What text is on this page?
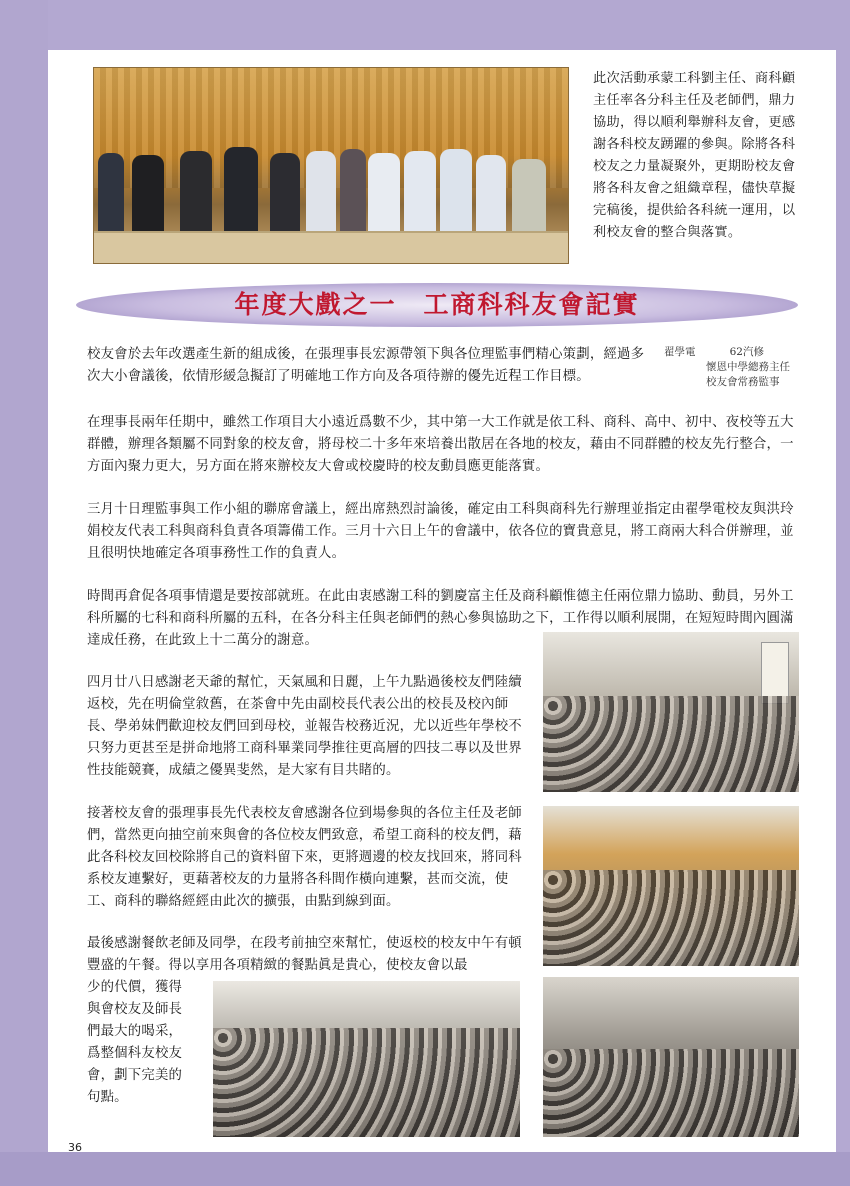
此次活動承蒙工科劉主任、商科顧主任率各分科主任及老師們，鼎力協助，得以順利舉辦科友會，更感謝各科校友踴躍的參與。除將各科校友之力量凝聚外，更期盼校友會將各科友會之組織章程，儘快草擬完稿後，提供給各科統一運用，以利校友會的整合與落實。
年度大戲之一　工商科科友會記實
翟學電	62汽修
懷恩中學總務主任
校友會常務監事
校友會於去年改選產生新的組成後，在張理事長宏源帶領下與各位理監事們精心策劃，經過多次大小會議後，依情形緩急擬訂了明確地工作方向及各項待辦的優先近程工作目標。
在理事長兩年任期中，雖然工作項目大小遠近爲數不少，其中第一大工作就是依工科、商科、高中、初中、夜校等五大群體，辦理各類屬不同對象的校友會，將母校二十多年來培養出散居在各地的校友，藉由不同群體的校友先行整合，一方面內聚力更大，另方面在將來辦校友大會或校慶時的校友動員應更能落實。
三月十日理監事與工作小組的聯席會議上，經出席熱烈討論後，確定由工科與商科先行辦理並指定由翟學電校友與洪玲娟校友代表工科與商科負責各項籌備工作。三月十六日上午的會議中，依各位的寶貴意見，將工商兩大科合併辦理，並且很明快地確定各項事務性工作的負責人。
時間再倉促各項事情還是要按部就班。在此由衷感謝工科的劉慶富主任及商科顧惟德主任兩位鼎力協助、動員，另外工科所屬的七科和商科所屬的五科，在各分科主任與老師們的熱心參與協助之下，工作得以順利展開，在短短時間內圓滿達成任務，在此致上十二萬分的謝意。
四月廿八日感謝老天爺的幫忙，天氣風和日麗，上午九點過後校友們陸續返校，先在明倫堂敘舊，在茶會中先由副校長代表公出的校長及校內師長、學弟妹們歡迎校友們回到母校，並報告校務近況，尤以近些年學校不只努力更甚至是拼命地將工商科畢業同學推往更高層的四技二專以及世界性技能競賽，成績之優異斐然，是大家有目共睹的。
接著校友會的張理事長先代表校友會感謝各位到場參與的各位主任及老師們，當然更向抽空前來與會的各位校友們致意，希望工商科的校友們，藉此各科校友回校除將自己的資料留下來，更將週邊的校友找回來，將同科系校友連繫好，更藉著校友的力量將各科間作橫向連繫，甚而交流，使工、商科的聯絡經經由此次的擴張，由點到線到面。
最後感謝餐飲老師及同學，在段考前抽空來幫忙，使返校的校友中午有頓豐盛的午餐。得以享用各項精緻的餐點眞是貴心，使校友會以最
少的代價，獲得與會校友及師長們最大的喝采，爲整個科友校友會，劃下完美的句點。
36
